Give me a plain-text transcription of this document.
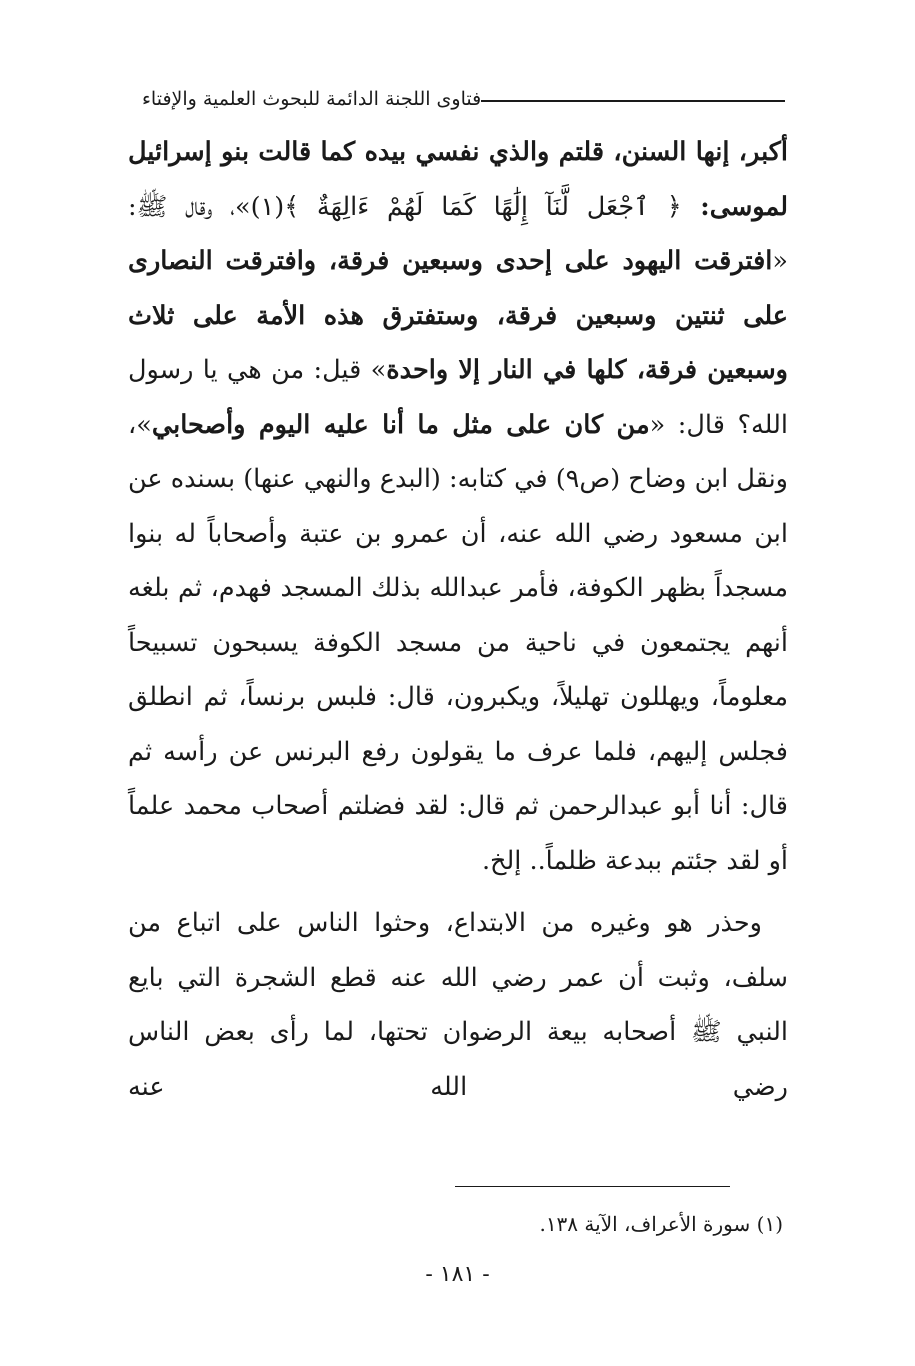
فتاوى اللجنة الدائمة للبحوث العلمية والإفتاء

أكبر، إنها السنن، قلتم والذي نفسي بيده كما قالت بنو إسرائيل لموسى: ﴿ ٱجْعَل لَّنَآ إِلَٰهًا كَمَا لَهُمْ ءَالِهَةٌ ﴾(١)»، وقال ﷺ: «افترقت اليهود على إحدى وسبعين فرقة، وافترقت النصارى على ثنتين وسبعين فرقة، وستفترق هذه الأمة على ثلاث وسبعين فرقة، كلها في النار إلا واحدة» قيل: من هي يا رسول الله؟ قال: «من كان على مثل ما أنا عليه اليوم وأصحابي»، ونقل ابن وضاح (ص٩) في كتابه: (البدع والنهي عنها) بسنده عن ابن مسعود رضي الله عنه، أن عمرو بن عتبة وأصحاباً له بنوا مسجداً بظهر الكوفة، فأمر عبدالله بذلك المسجد فهدم، ثم بلغه أنهم يجتمعون في ناحية من مسجد الكوفة يسبحون تسبيحاً معلوماً، ويهللون تهليلاً، ويكبرون، قال: فلبس برنساً، ثم انطلق فجلس إليهم، فلما عرف ما يقولون رفع البرنس عن رأسه ثم قال: أنا أبو عبدالرحمن ثم قال: لقد فضلتم أصحاب محمد علماً أو لقد جئتم ببدعة ظلماً.. إلخ.

وحذر هو وغيره من الابتداع، وحثوا الناس على اتباع من سلف، وثبت أن عمر رضي الله عنه قطع الشجرة التي بايع النبي ﷺ أصحابه بيعة الرضوان تحتها، لما رأى بعض الناس رضي الله عنه

(١) سورة الأعراف، الآية ١٣٨.
- ١٨١ -
